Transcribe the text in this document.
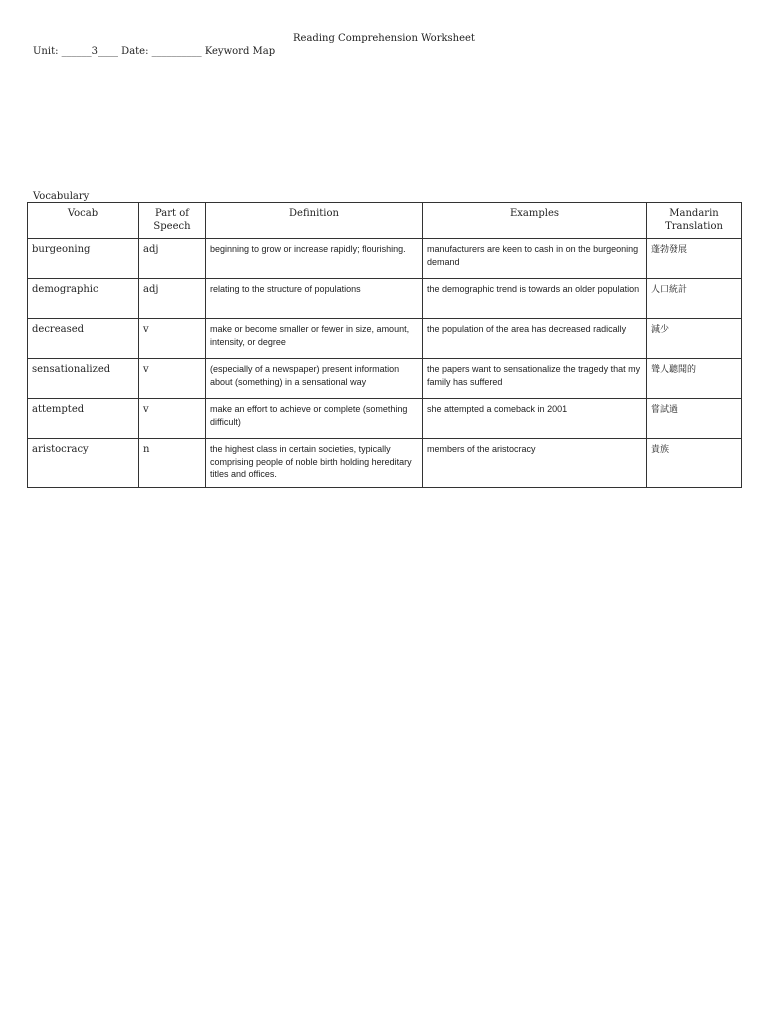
Reading Comprehension Worksheet
Unit: ______3____ Date: __________ Keyword Map
Vocabulary
Vocab	Part of Speech	Definition	Examples	Mandarin Translation
burgeoning	adj	beginning to grow or increase rapidly; flourishing.	manufacturers are keen to cash in on the burgeoning demand	蓬勃發展
demographic	adj	relating to the structure of populations	the demographic trend is towards an older population	人口統計
decreased	v	make or become smaller or fewer in size, amount, intensity, or degree	the population of the area has decreased radically	減少
sensationalized	v	(especially of a newspaper) present information about (something) in a sensational way	the papers want to sensationalize the tragedy that my family has suffered	聳人聽聞的
attempted	v	make an effort to achieve or complete (something difficult)	she attempted a comeback in 2001	嘗試過
aristocracy	n	the highest class in certain societies, typically comprising people of noble birth holding hereditary titles and offices.	members of the aristocracy	貴族
